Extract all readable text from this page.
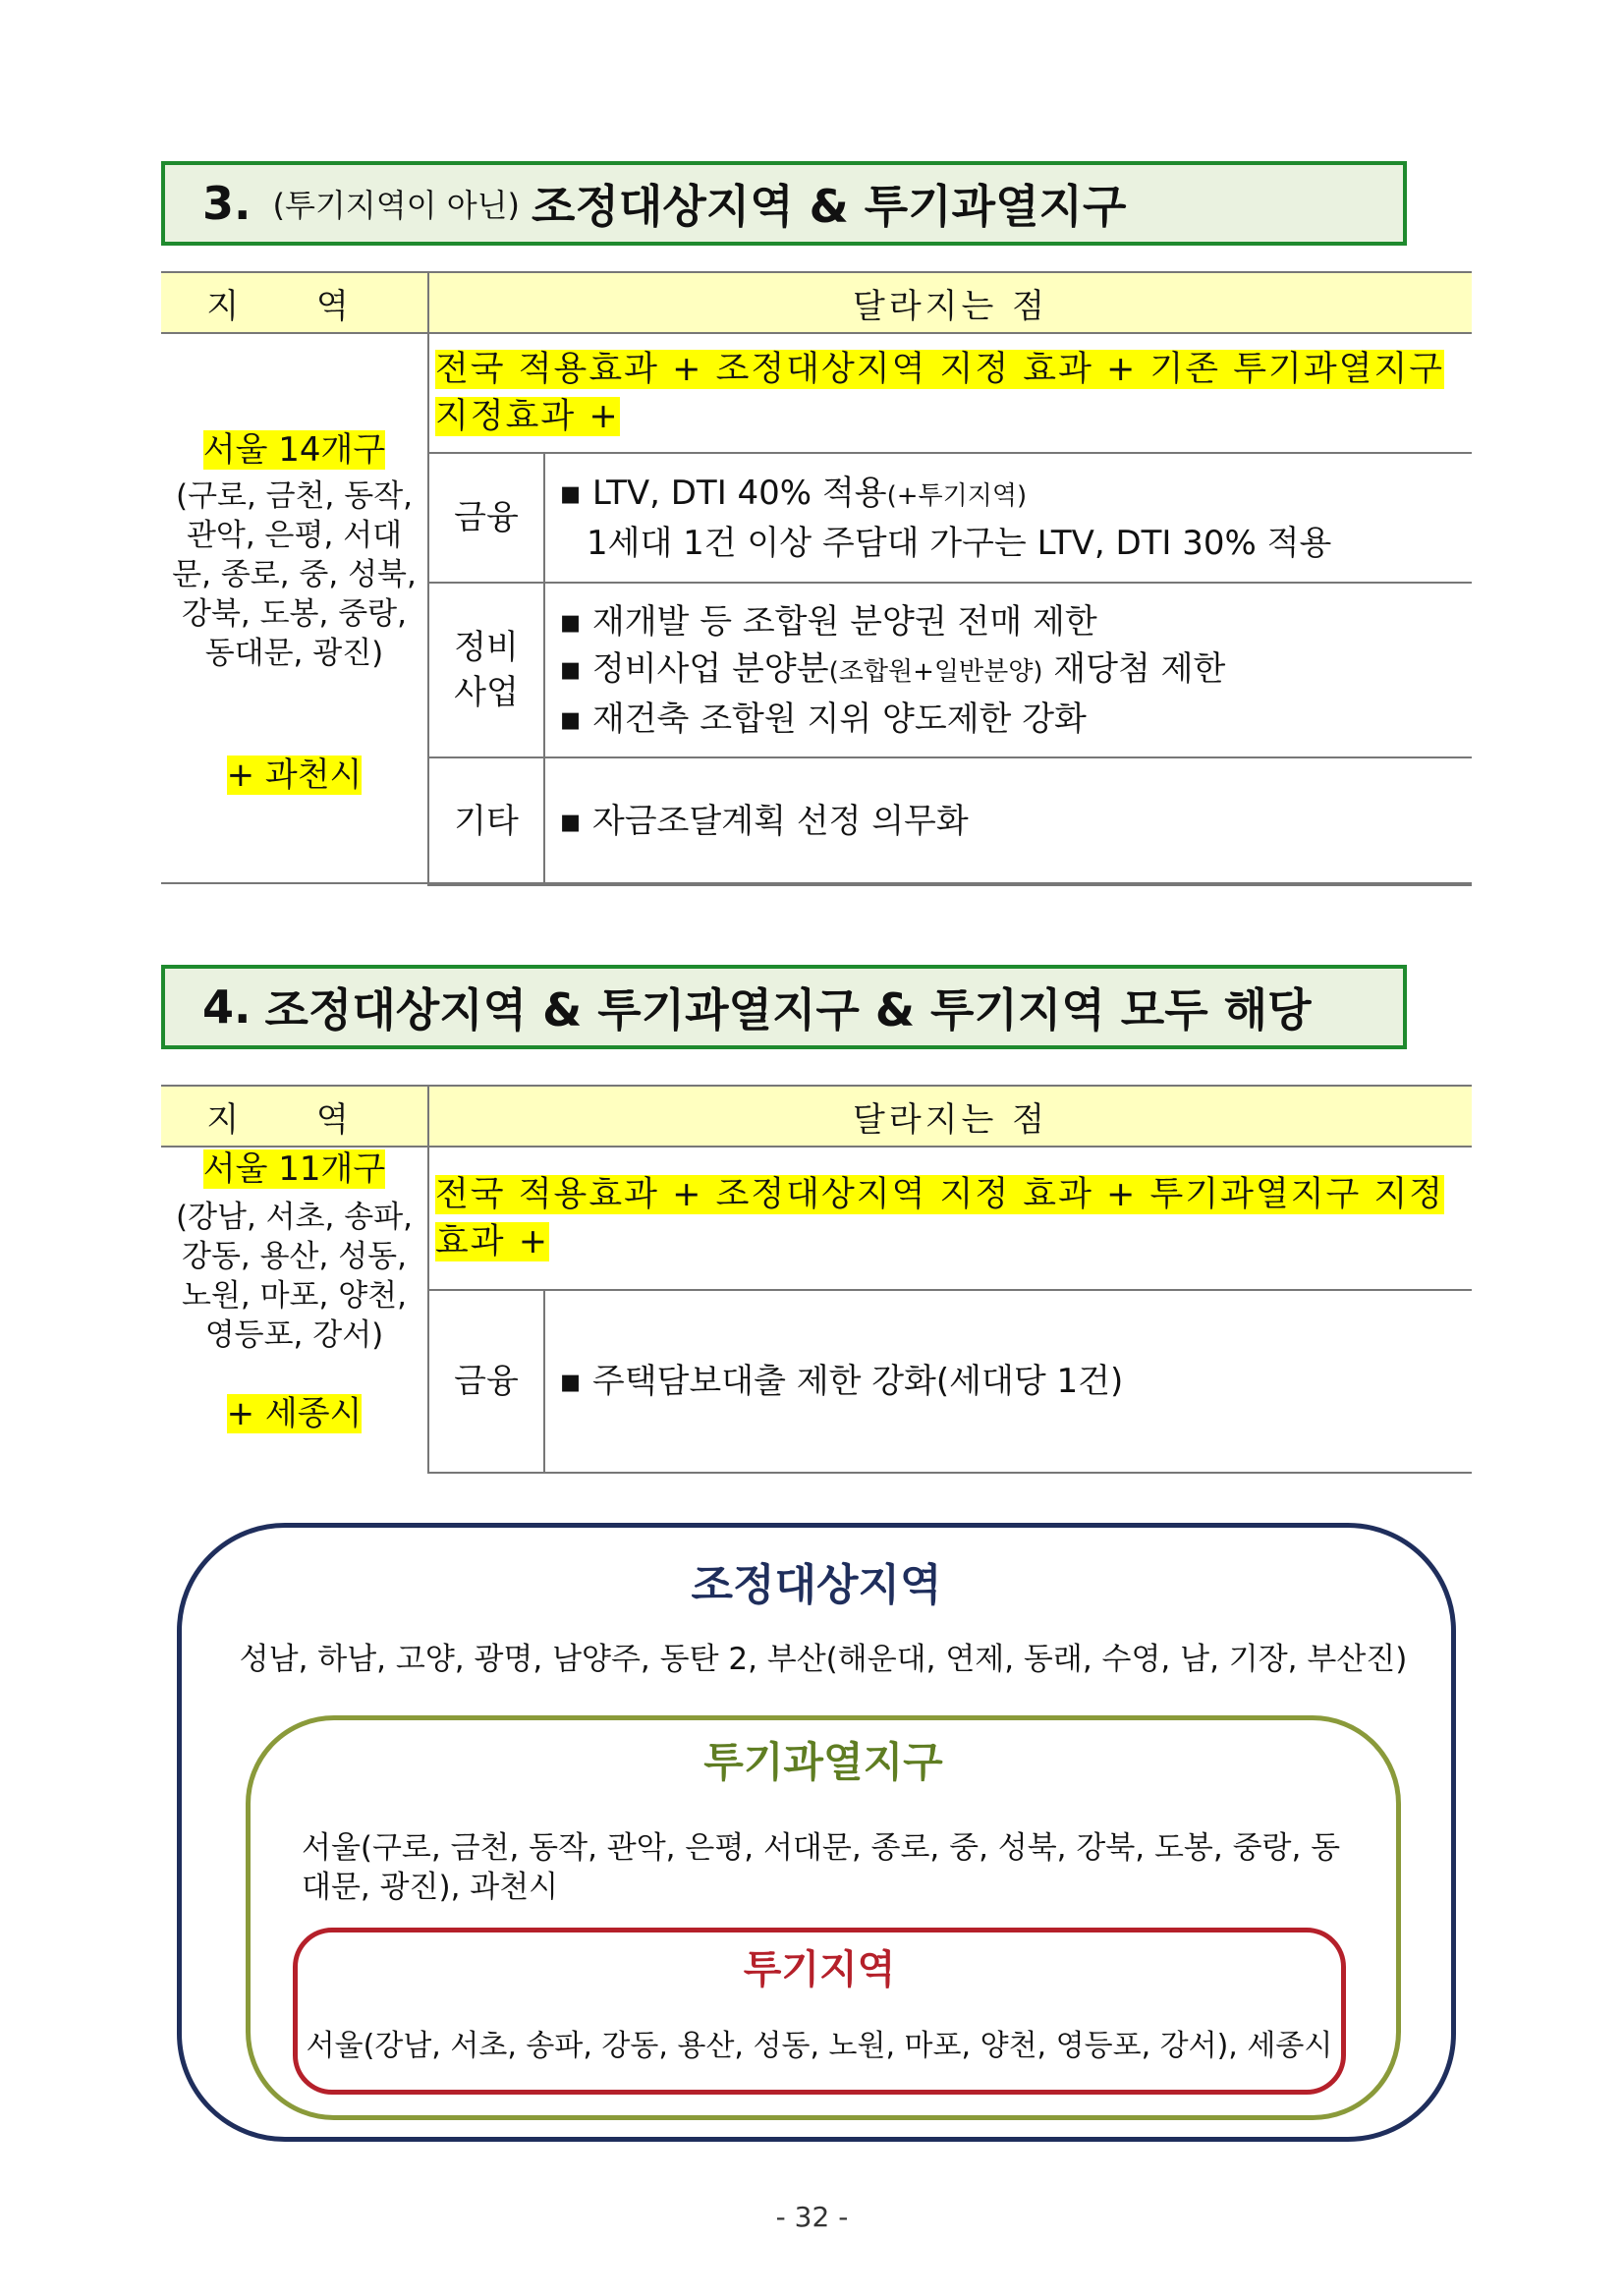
3. (투기지역이 아닌) 조정대상지역 & 투기과열지구
지 역	달라지는 점	

서울 14개구
(구로, 금천, 동작, 관악, 은평, 서대문, 종로, 중, 성북, 강북, 도봉, 중랑, 동대문, 광진)
+ 과천시	전국 적용효과 + 조정대상지역 지정 효과 + 기존 투기과열지구 지정효과 +	
	금융	▪ LTV, DTI 40% 적용(+투기지역)
1세대 1건 이상 주담대 가구는 LTV, DTI 30% 적용

	정비 사업	▪ 재개발 등 조합원 분양권 전매 제한
▪ 정비사업 분양분(조합원+일반분양) 재당첨 제한
▪ 재건축 조합원 지위 양도제한 강화

	기타	▪ 자금조달계획 선정 의무화
4. 조정대상지역 & 투기과열지구 & 투기지역 모두 해당
지 역	달라지는 점	

서울 11개구
(강남, 서초, 송파, 강동, 용산, 성동, 노원, 마포, 양천, 영등포, 강서)
+ 세종시	전국 적용효과 + 조정대상지역 지정 효과 + 투기과열지구 지정효과 +	
	금융	▪ 주택담보대출 제한 강화(세대당 1건)
조정대상지역
성남, 하남, 고양, 광명, 남양주, 동탄 2, 부산(해운대, 연제, 동래, 수영, 남, 기장, 부산진)
투기과열지구
서울(구로, 금천, 동작, 관악, 은평, 서대문, 종로, 중, 성북, 강북, 도봉, 중랑, 동대문, 광진), 과천시
투기지역
서울(강남, 서초, 송파, 강동, 용산, 성동, 노원, 마포, 양천, 영등포, 강서), 세종시
- 32 -
